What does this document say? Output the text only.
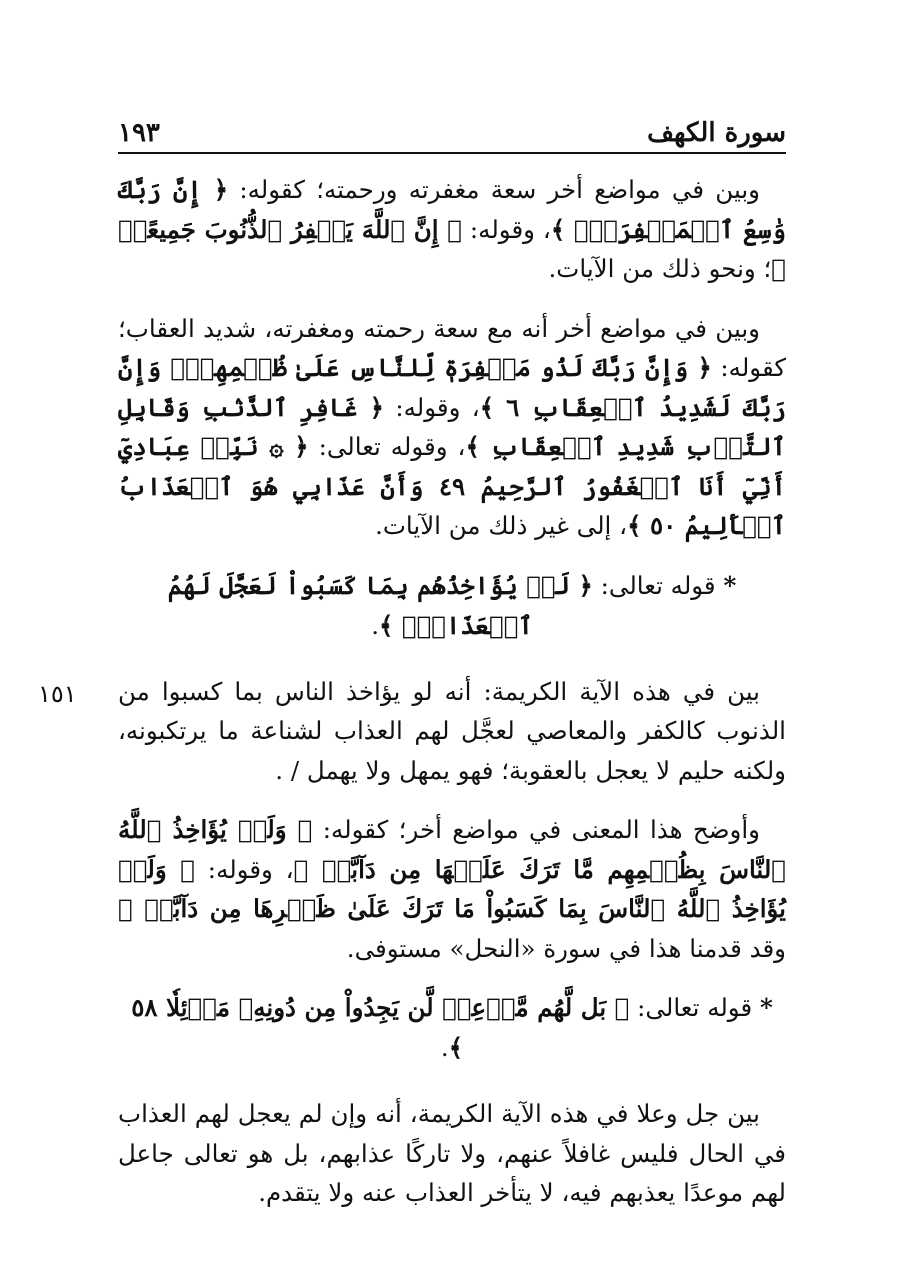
١٩٣	سورة الكهف
١٥١

وبين في مواضع أخر سعة مغفرته ورحمته؛ كقوله: ﴿ إِنَّ رَبَّكَ وَٰسِعُ ٱلۡمَغۡفِرَةِۚ ﴾، وقوله: ﴿ إِنَّ ٱللَّهَ يَغۡفِرُ ٱلذُّنُوبَ جَمِيعًاۚ ﴾؛ ونحو ذلك من الآيات.

وبين في مواضع أخر أنه مع سعة رحمته ومغفرته، شديد العقاب؛ كقوله: ﴿ وَإِنَّ رَبَّكَ لَذُو مَغۡفِرَةٖ لِّلنَّاسِ عَلَىٰ ظُلۡمِهِمۡۖ وَإِنَّ رَبَّكَ لَشَدِيدُ ٱلۡعِقَابِ ٦ ﴾، وقوله: ﴿ غَافِرِ ٱلذَّنۢبِ وَقَابِلِ ٱلتَّوۡبِ شَدِيدِ ٱلۡعِقَابِ ﴾، وقوله تعالى: ﴿ ۞ نَبِّئۡ عِبَادِيٓ أَنِّيٓ أَنَا ٱلۡغَفُورُ ٱلرَّحِيمُ ٤٩ وَأَنَّ عَذَابِي هُوَ ٱلۡعَذَابُ ٱلۡأَلِيمُ ٥٠ ﴾، إلى غير ذلك من الآيات.

* قوله تعالى: ﴿ لَوۡ يُؤَاخِذُهُم بِمَا كَسَبُواْ لَعَجَّلَ لَهُمُ ٱلۡعَذَابَۚ ﴾.

بين في هذه الآية الكريمة: أنه لو يؤاخذ الناس بما كسبوا من الذنوب كالكفر والمعاصي لعجَّل لهم العذاب لشناعة ما يرتكبونه، ولكنه حليم لا يعجل بالعقوبة؛ فهو يمهل ولا يهمل / .

وأوضح هذا المعنى في مواضع أخر؛ كقوله: ﴿ وَلَوۡ يُؤَاخِذُ ٱللَّهُ ٱلنَّاسَ بِظُلۡمِهِم مَّا تَرَكَ عَلَيۡهَا مِن دَآبَّةٖ ﴾، وقوله: ﴿ وَلَوۡ يُؤَاخِذُ ٱللَّهُ ٱلنَّاسَ بِمَا كَسَبُواْ مَا تَرَكَ عَلَىٰ ظَهۡرِهَا مِن دَآبَّةٖ ﴾ وقد قدمنا هذا في سورة «النحل» مستوفى.

* قوله تعالى: ﴿ بَل لَّهُم مَّوۡعِدٞ لَّن يَجِدُواْ مِن دُونِهِۦ مَوۡئِلٗا ٥٨ ﴾.

بين جل وعلا في هذه الآية الكريمة، أنه وإن لم يعجل لهم العذاب في الحال فليس غافلاً عنهم، ولا تاركًا عذابهم، بل هو تعالى جاعل لهم موعدًا يعذبهم فيه، لا يتأخر العذاب عنه ولا يتقدم.
